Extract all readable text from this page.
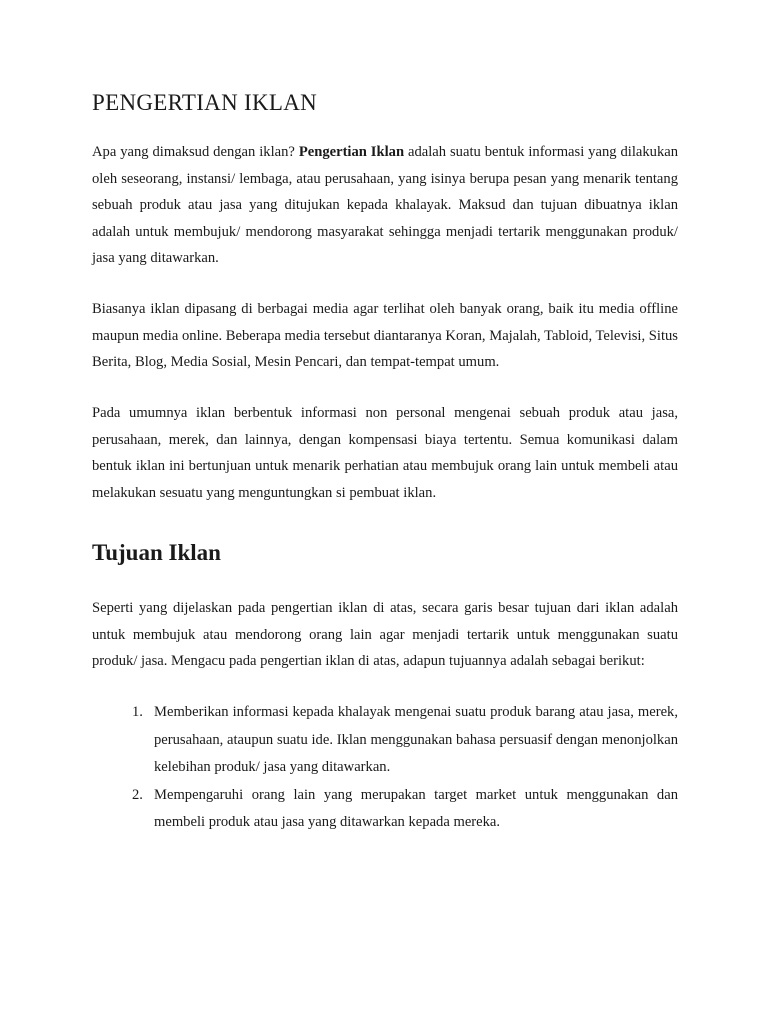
PENGERTIAN IKLAN

Apa yang dimaksud dengan iklan? Pengertian Iklan adalah suatu bentuk informasi yang dilakukan oleh seseorang, instansi/ lembaga, atau perusahaan, yang isinya berupa pesan yang menarik tentang sebuah produk atau jasa yang ditujukan kepada khalayak. Maksud dan tujuan dibuatnya iklan adalah untuk membujuk/ mendorong masyarakat sehingga menjadi tertarik menggunakan produk/ jasa yang ditawarkan.

Biasanya iklan dipasang di berbagai media agar terlihat oleh banyak orang, baik itu media offline maupun media online. Beberapa media tersebut diantaranya Koran, Majalah, Tabloid, Televisi, Situs Berita, Blog, Media Sosial, Mesin Pencari, dan tempat-tempat umum.

Pada umumnya iklan berbentuk informasi non personal mengenai sebuah produk atau jasa, perusahaan, merek, dan lainnya, dengan kompensasi biaya tertentu. Semua komunikasi dalam bentuk iklan ini bertunjuan untuk menarik perhatian atau membujuk orang lain untuk membeli atau melakukan sesuatu yang menguntungkan si pembuat iklan.

Tujuan Iklan

Seperti yang dijelaskan pada pengertian iklan di atas, secara garis besar tujuan dari iklan adalah untuk membujuk atau mendorong orang lain agar menjadi tertarik untuk menggunakan suatu produk/ jasa. Mengacu pada pengertian iklan di atas, adapun tujuannya adalah sebagai berikut:

1. Memberikan informasi kepada khalayak mengenai suatu produk barang atau jasa, merek, perusahaan, ataupun suatu ide. Iklan menggunakan bahasa persuasif dengan menonjolkan kelebihan produk/ jasa yang ditawarkan.
2. Mempengaruhi orang lain yang merupakan target market untuk menggunakan dan membeli produk atau jasa yang ditawarkan kepada mereka.
